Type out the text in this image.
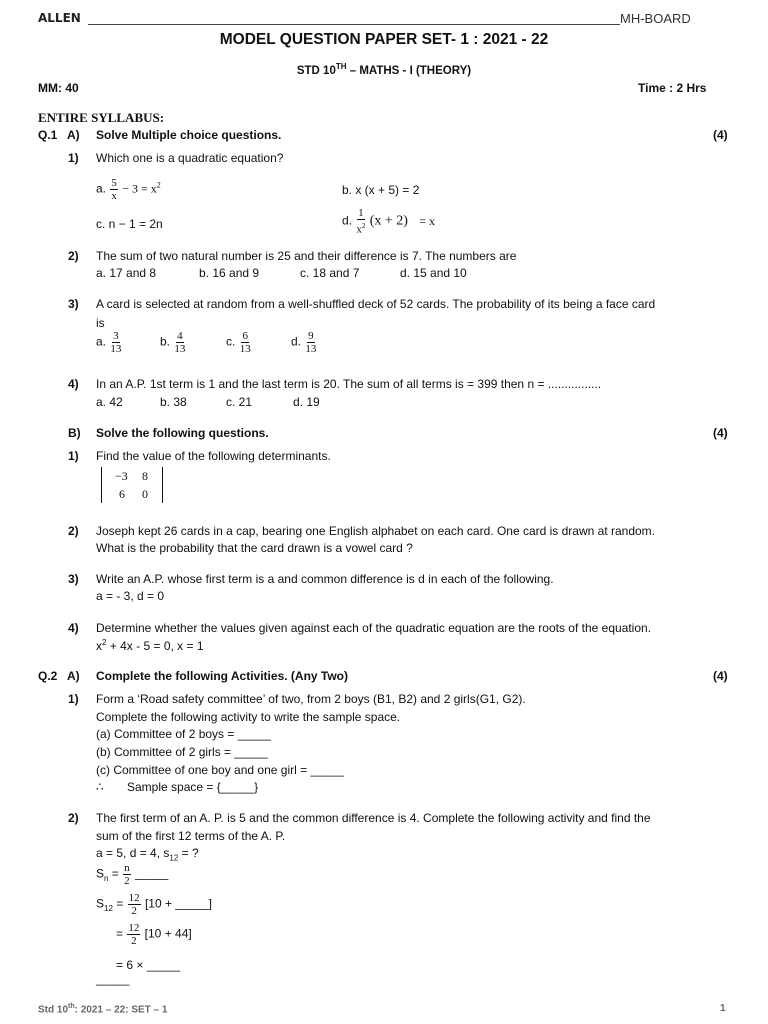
ALLEN	MH-BOARD
MODEL QUESTION PAPER SET- 1 : 2021 - 22
STD 10TH – MATHS - I (THEORY)
MM: 40	Time : 2 Hrs
ENTIRE SYLLABUS:
Q.1 A) Solve Multiple choice questions.	(4)
1) Which one is a quadratic equation?
a. $\frac{5}{x} - 3 = x^2$	b. x (x + 5) = 2
c. n − 1 = 2n	d. $\frac{1}{x^2} (x + 2) = x$
2) The sum of two natural number is 25 and their difference is 7. The numbers are
a. 17 and 8	b. 16 and 9	c. 18 and 7	d. 15 and 10
3) A card is selected at random from a well-shuffled deck of 52 cards. The probability of its being a face card
is
a. $\frac{3}{13}$	b. $\frac{4}{13}$	c. $\frac{6}{13}$	d. $\frac{9}{13}$
4) In an A.P. 1st term is 1 and the last term is 20. The sum of all terms is = 399 then n = ................
a. 42	b. 38	c. 21	d. 19
B) Solve the following questions.	(4)
1) Find the value of the following determinants.
−3 8
6 0
2) Joseph kept 26 cards in a cap, bearing one English alphabet on each card. One card is drawn at random.
What is the probability that the card drawn is a vowel card ?
3) Write an A.P. whose first term is a and common difference is d in each of the following.
a = - 3, d = 0
4) Determine whether the values given against each of the quadratic equation are the roots of the equation.
$x^2 + 4x - 5 = 0$, x = 1
Q.2 A) Complete the following Activities. (Any Two)	(4)
1) Form a ‘Road safety committee’ of two, from 2 boys (B1, B2) and 2 girls(G1, G2).
Complete the following activity to write the sample space.
(a) Committee of 2 boys = _____
(b) Committee of 2 girls = _____
(c) Committee of one boy and one girl = _____
∴ Sample space = {_____}
2) The first term of an A. P. is 5 and the common difference is 4. Complete the following activity and find the
sum of the first 12 terms of the A. P.
a = 5, d = 4, $s_{12}$ = ?
$S_n = \frac{n}{2}$ _____
$S_{12} = \frac{12}{2} [10$ + _____]
= $\frac{12}{2} [10 + 44]$
= 6 × _____
_____
Std 10th: 2021 – 22: SET – 1	1
